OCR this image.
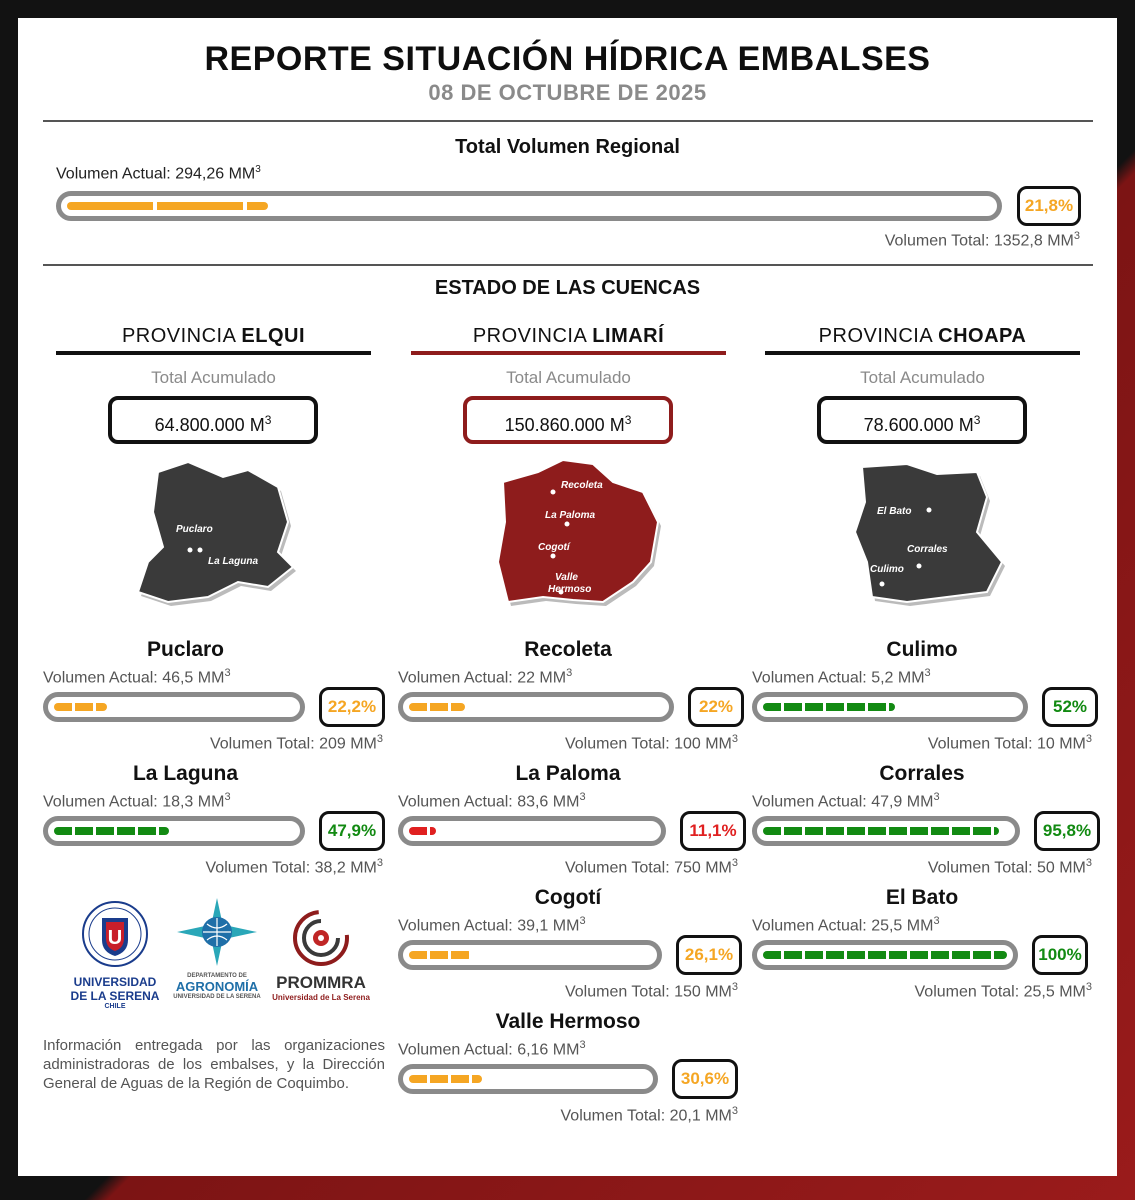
REPORTE SITUACIÓN HÍDRICA EMBALSES
08 DE OCTUBRE DE 2025
Total Volumen Regional
Volumen Actual: 294,26 $MM^3$
21,8%
Volumen Total: 1352,8 $MM^3$
ESTADO DE LAS CUENCAS
PROVINCIA ELQUI
Total Acumulado
64.800.000 $M^3$
Puclaro
La Laguna
Puclaro
Volumen Actual: 46,5 $MM^3$
22,2%
Volumen Total: 209 $MM^3$
La Laguna
Volumen Actual: 18,3 $MM^3$
47,9%
Volumen Total: 38,2 $MM^3$
PROVINCIA LIMARÍ
Total Acumulado
150.860.000 $M^3$
Recoleta
La Paloma
Cogotí
Valle
Hermoso
Recoleta
Volumen Actual: 22 $MM^3$
22%
Volumen Total: 100 $MM^3$
La Paloma
Volumen Actual: 83,6 $MM^3$
11,1%
Volumen Total: 750 $MM^3$
Cogotí
Volumen Actual: 39,1 $MM^3$
26,1%
Volumen Total: 150 $MM^3$
Valle Hermoso
Volumen Actual: 6,16 $MM^3$
30,6%
Volumen Total: 20,1 $MM^3$
PROVINCIA CHOAPA
Total Acumulado
78.600.000 $M^3$
El Bato
Corrales
Culimo
Culimo
Volumen Actual: 5,2 $MM^3$
52%
Volumen Total: 10 $MM^3$
Corrales
Volumen Actual: 47,9 $MM^3$
95,8%
Volumen Total: 50 $MM^3$
El Bato
Volumen Actual: 25,5 $MM^3$
100%
Volumen Total: 25,5 $MM^3$
U
UNIVERSIDAD
DE LA SERENA
CHILE
DEPARTAMENTO DE
AGRONOMÍA
UNIVERSIDAD DE LA SERENA
PROMMRA
Universidad de La Serena
Información entregada por las organizaciones administradoras de los embalses, y la Dirección General de Aguas de la Región de Coquimbo.
